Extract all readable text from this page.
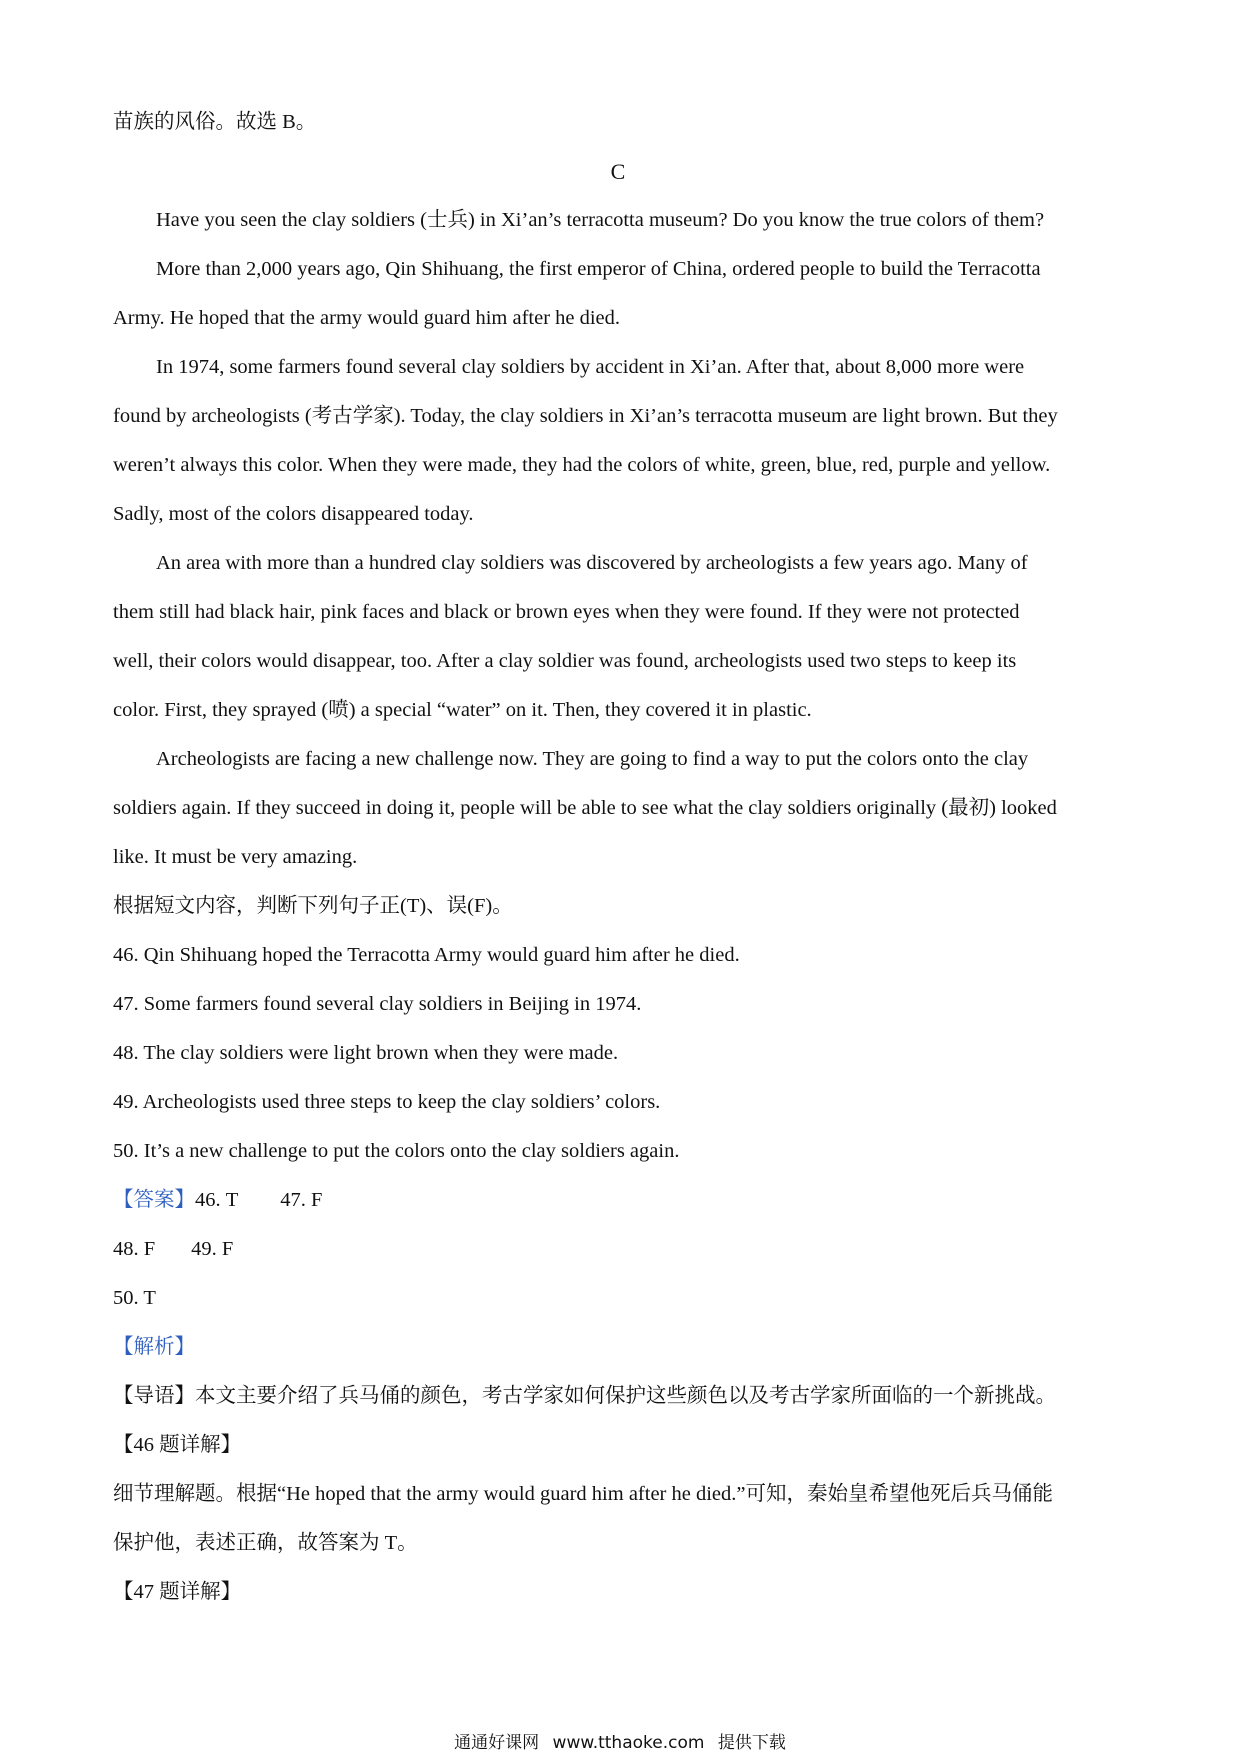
苗族的风俗。故选 B。
C
Have you seen the clay soldiers (士兵) in Xi’an’s terracotta museum? Do you know the true colors of them?
More than 2,000 years ago, Qin Shihuang, the first emperor of China, ordered people to build the Terracotta
Army. He hoped that the army would guard him after he died.
In 1974, some farmers found several clay soldiers by accident in Xi’an. After that, about 8,000 more were
found by archeologists (考古学家). Today, the clay soldiers in Xi’an’s terracotta museum are light brown. But they
weren’t always this color. When they were made, they had the colors of white, green, blue, red, purple and yellow.
Sadly, most of the colors disappeared today.
An area with more than a hundred clay soldiers was discovered by archeologists a few years ago. Many of
them still had black hair, pink faces and black or brown eyes when they were found. If they were not protected
well, their colors would disappear, too. After a clay soldier was found, archeologists used two steps to keep its
color. First, they sprayed (喷) a special “water” on it. Then, they covered it in plastic.
Archeologists are facing a new challenge now. They are going to find a way to put the colors onto the clay
soldiers again. If they succeed in doing it, people will be able to see what the clay soldiers originally (最初) looked
like. It must be very amazing.
根据短文内容，判断下列句子正(T)、误(F)。
46. Qin Shihuang hoped the Terracotta Army would guard him after he died.
47. Some farmers found several clay soldiers in Beijing in 1974.
48. The clay soldiers were light brown when they were made.
49. Archeologists used three steps to keep the clay soldiers’ colors.
50. It’s a new challenge to put the colors onto the clay soldiers again.
【答案】46. T 47. F
48. F 49. F
50. T
【解析】
【导语】本文主要介绍了兵马俑的颜色，考古学家如何保护这些颜色以及考古学家所面临的一个新挑战。
【46 题详解】
细节理解题。根据“He hoped that the army would guard him after he died.”可知，秦始皇希望他死后兵马俑能
保护他，表述正确，故答案为 T。
【47 题详解】
通通好课网 www.tthaoke.com 提供下载
